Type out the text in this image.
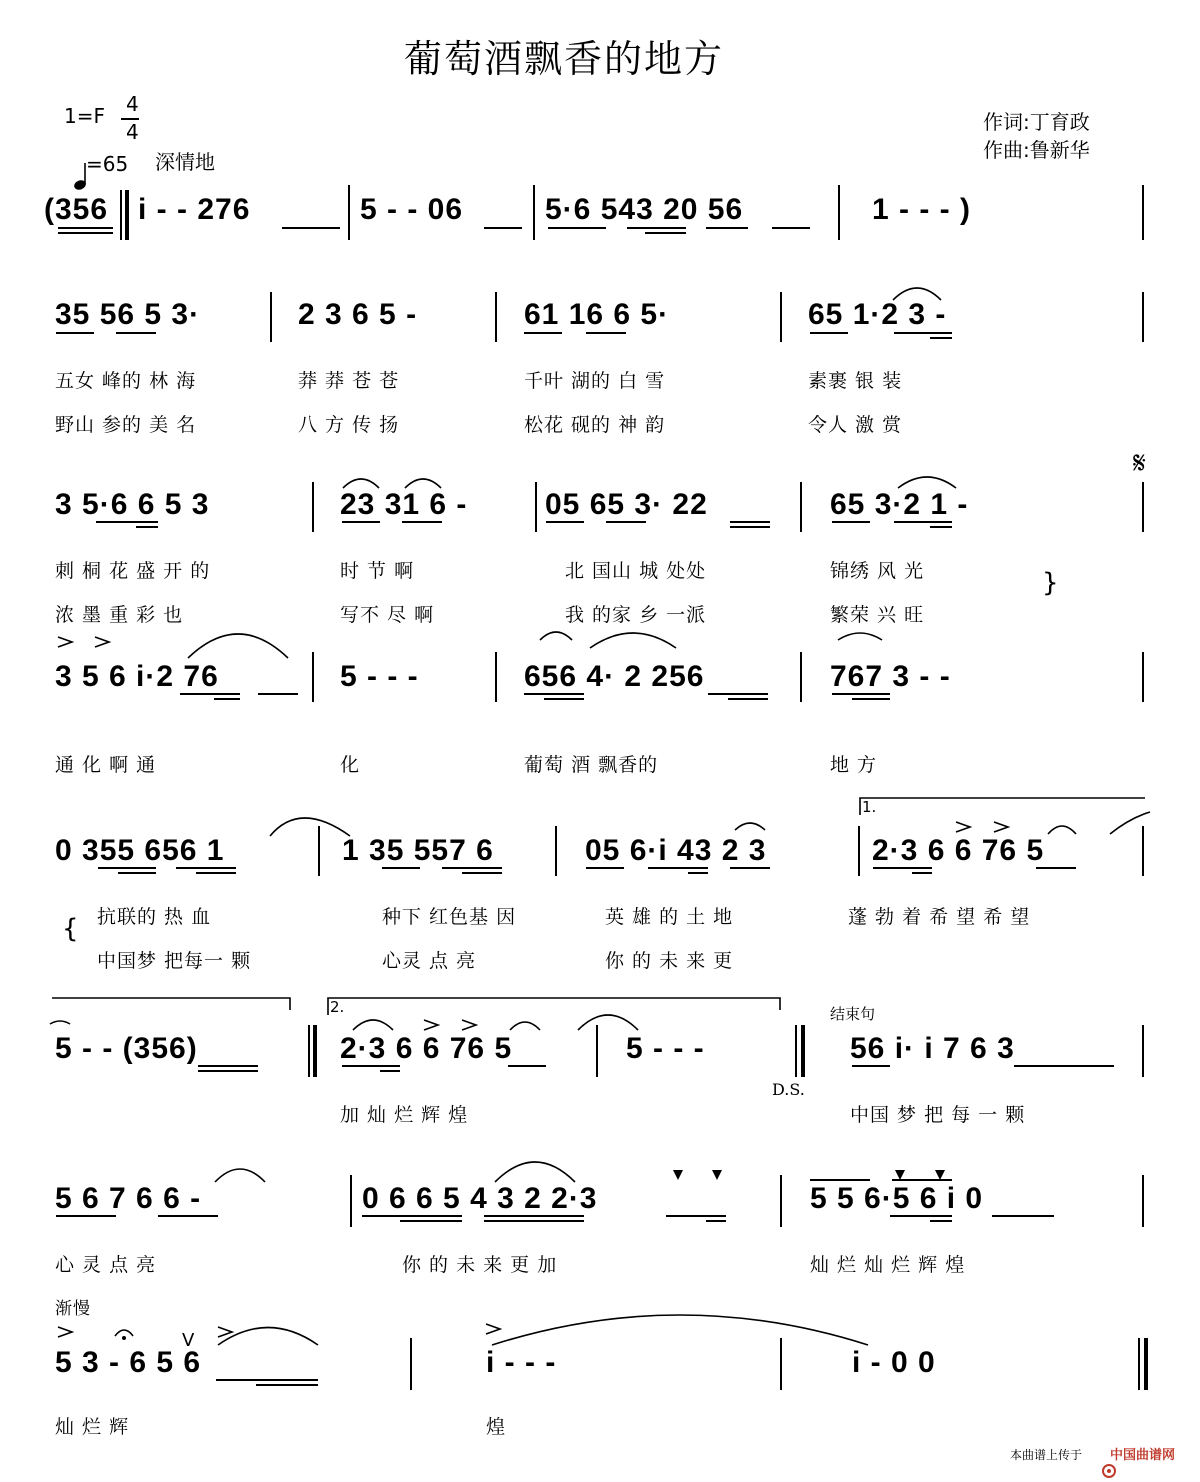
葡萄酒飘香的地方
1=F 4
4

=65 深情地
作词:丁育政
作曲:鲁新华
(356 i - - 276	5 - - 06	5·6 543 20 56	1 - - - )
35 56 5 3·	2 3 6 5 -	61 16 6 5·	65 1·2 3 -
五女 峰的 林 海	莽 莽 苍 苍	千叶 湖的 白 雪	素裹 银 装
野山 参的 美 名	八 方 传 扬	松花 砚的 神 韵	令人 激 赏
𝄋
3 5·6 6 5 3	23 31 6 -	05 65 3· 22	65 3·2 1 -
刺 桐 花 盛 开 的	时 节 啊	北 国山 城 处处	锦绣 风 光
浓 墨 重 彩 也	写不 尽 啊	我 的家 乡 一派	繁荣 兴 旺
}
3 5 6 i·2 76	5 - - -	656 4· 2 256	767 3 - -
通 化 啊 通	化	葡萄 酒 飘香的	地 方
1.
0 355 656 1	1 35 557 6	05 6·i 43 2 3	2·3 6 6 76 5
{ 抗联的 热 血	种下 红色基 因	英 雄 的 土 地	蓬 勃 着 希 望 希 望
中国梦 把每一 颗	心灵 点 亮	你 的 未 来 更
2.	结束句
5 - - (356)	2·3 6 6 76 5	5 - - -
D.S.
56 i· i 7 6 3
加 灿 烂 辉 煌	中国 梦 把 每 一 颗
5 6 7 6 6 -	0 6 6 5 4 3 2 2·3	5 5 6·5 6 i 0
心 灵 点 亮	你 的 未 来 更 加	灿 烂 灿 烂 辉 煌
渐慢
V
5 3 - 6 5 6	i - - -	i - 0 0
灿 烂 辉	煌
本曲谱上传于

中国曲谱网
